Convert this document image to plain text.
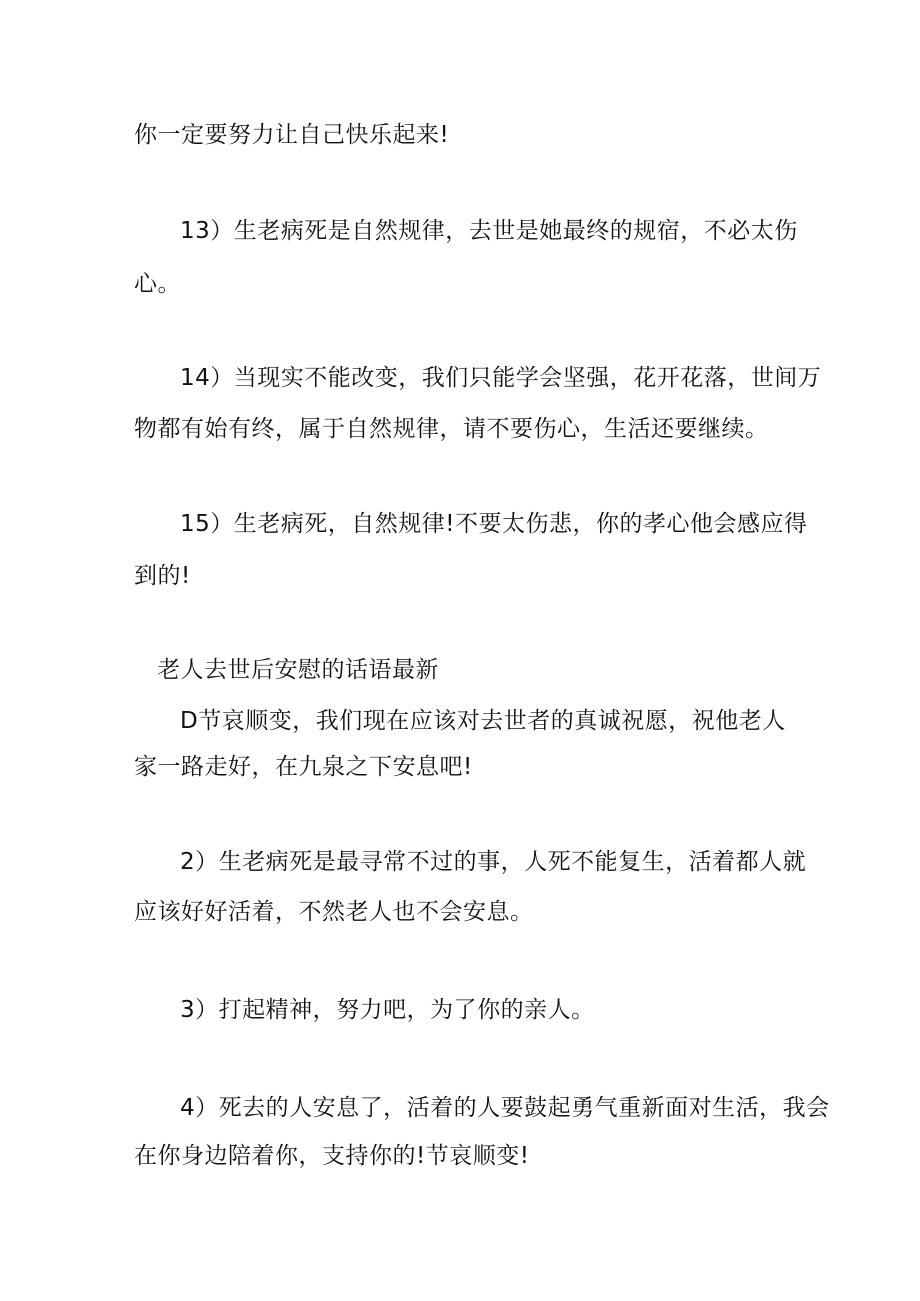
你一定要努力让自己快乐起来!
13）生老病死是自然规律，去世是她最终的规宿，不必太伤
心。
14）当现实不能改变，我们只能学会坚强，花开花落，世间万
物都有始有终，属于自然规律，请不要伤心，生活还要继续。
15）生老病死，自然规律!不要太伤悲，你的孝心他会感应得
到的!
老人去世后安慰的话语最新
D节哀顺变，我们现在应该对去世者的真诚祝愿，祝他老人
家一路走好，在九泉之下安息吧!
2）生老病死是最寻常不过的事，人死不能复生，活着都人就
应该好好活着，不然老人也不会安息。
3）打起精神，努力吧，为了你的亲人。
4）死去的人安息了，活着的人要鼓起勇气重新面对生活，我会
在你身边陪着你，支持你的!节哀顺变!
